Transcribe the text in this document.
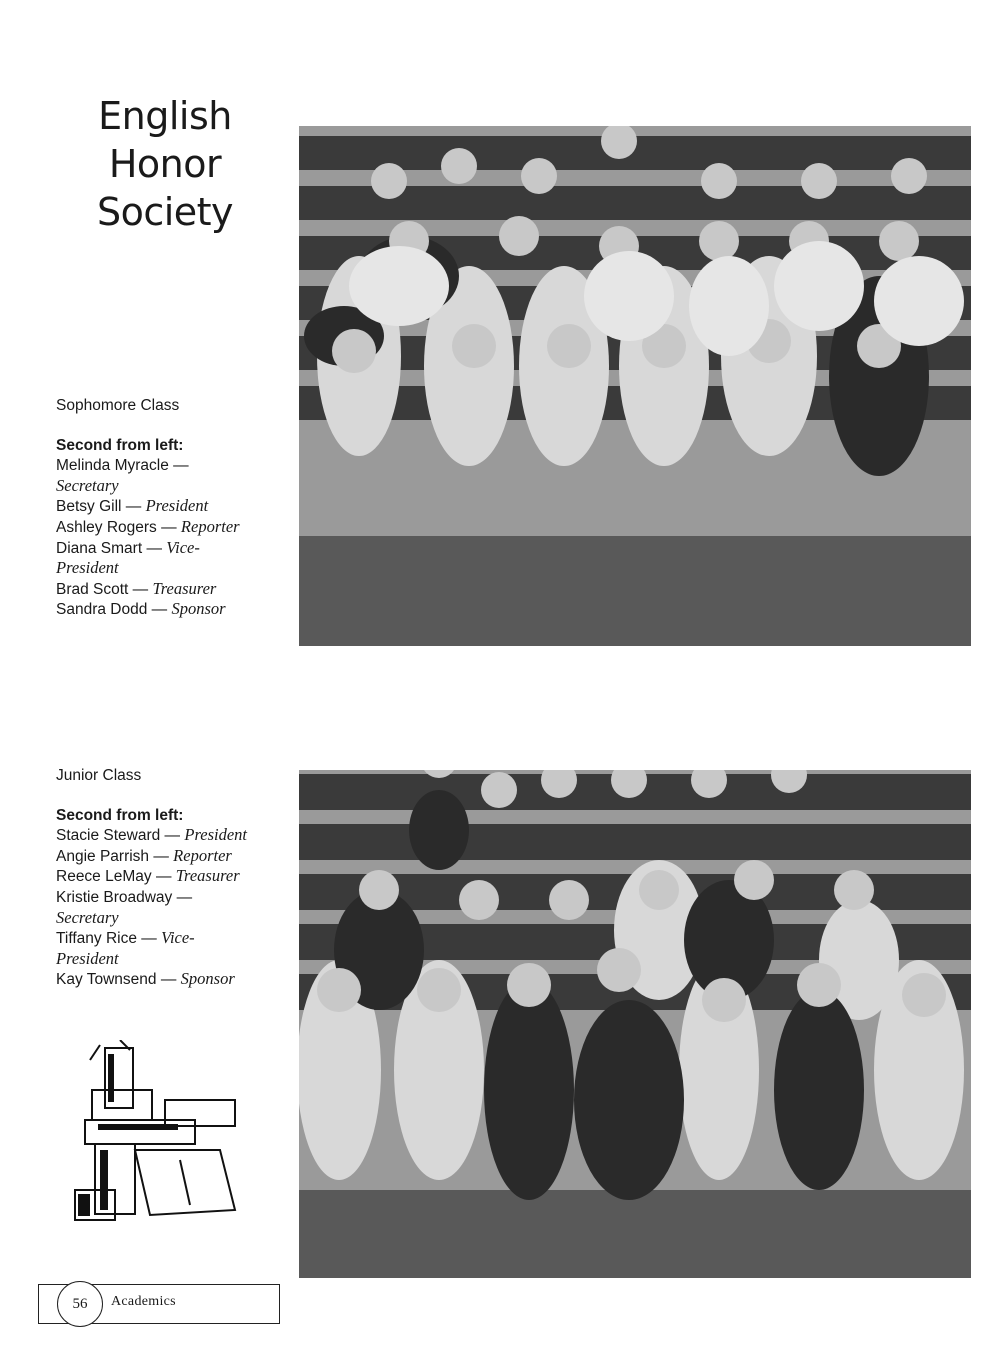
English
Honor
Society
Sophomore Class
Second from left:
Melinda Myracle —
Secretary
Betsy Gill — President
Ashley Rogers — Reporter
Diana Smart — Vice-
President
Brad Scott — Treasurer
Sandra Dodd — Sponsor
Junior Class
Second from left:
Stacie Steward — President
Angie Parrish — Reporter
Reece LeMay — Treasurer
Kristie Broadway —
Secretary
Tiffany Rice — Vice-
President
Kay Townsend — Sponsor
56	Academics
